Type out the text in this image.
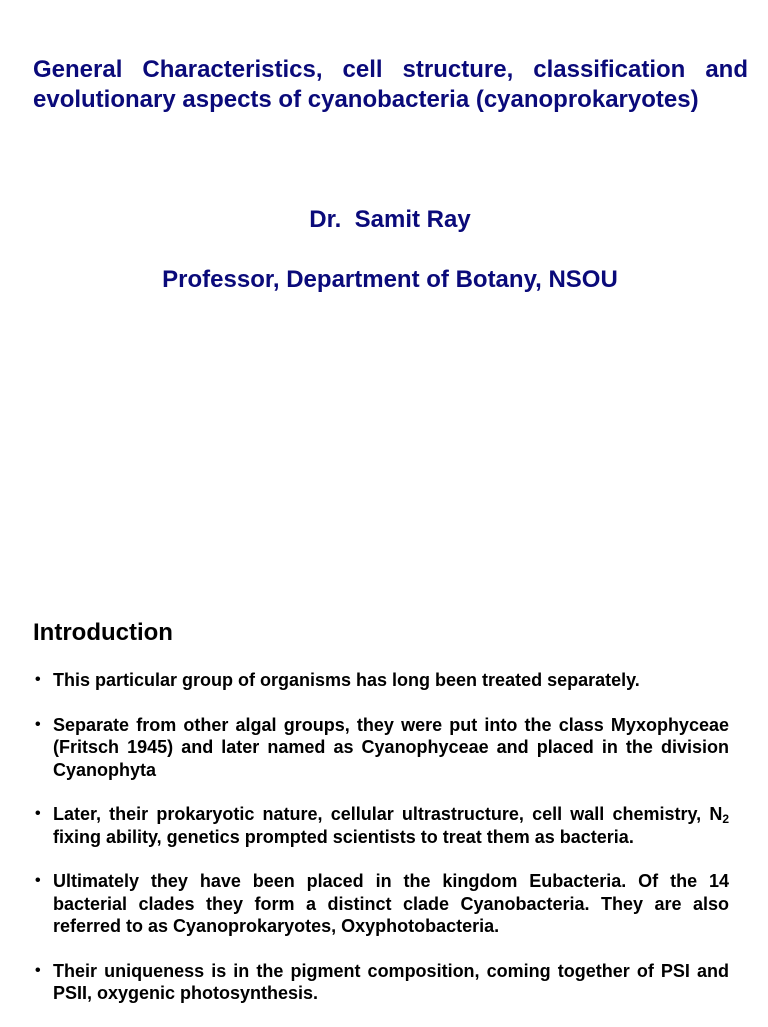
General Characteristics, cell structure, classification and evolutionary aspects of cyanobacteria (cyanoprokaryotes)

Dr.  Samit Ray

Professor, Department of Botany, NSOU

Introduction
• This particular group of organisms has long been treated separately.
• Separate from other algal groups, they were put into the class Myxophyceae (Fritsch 1945) and later named as Cyanophyceae and placed in the division Cyanophyta
• Later, their prokaryotic nature, cellular ultrastructure, cell wall chemistry, $N_2$ fixing ability, genetics prompted scientists to treat them as bacteria.
• Ultimately they have been placed in the kingdom Eubacteria. Of the 14 bacterial clades they form a distinct clade Cyanobacteria. They are also referred to as Cyanoprokaryotes, Oxyphotobacteria.
• Their uniqueness is in the pigment composition, coming together of PSI and PSII, oxygenic photosynthesis.
